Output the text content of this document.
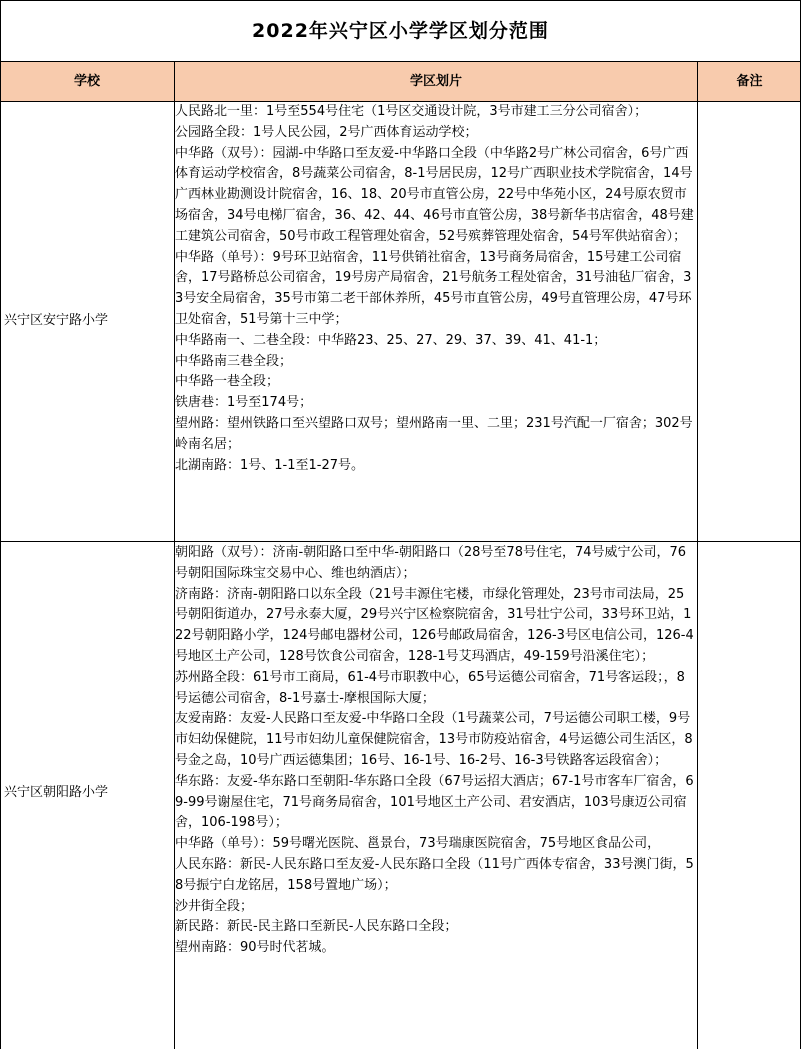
2022年兴宁区小学学区划分范围
学校	学区划片	备注
兴宁区安宁路小学

人民路北一里：1号至554号住宅（1号区交通设计院，3号市建工三分公司宿舍）；

公园路全段：1号人民公园，2号广西体育运动学校；

中华路（双号）：园湖-中华路口至友爱-中华路口全段（中华路2号广林公司宿舍，6号广西体育运动学校宿舍，8号蔬菜公司宿舍，8-1号居民房，12号广西职业技术学院宿舍，14号广西林业勘测设计院宿舍，16、18、20号市直管公房，22号中华苑小区，24号原农贸市场宿舍，34号电梯厂宿舍，36、42、44、46号市直管公房，38号新华书店宿舍，48号建工建筑公司宿舍，50号市政工程管理处宿舍，52号殡葬管理处宿舍，54号军供站宿舍）；

中华路（单号）：9号环卫站宿舍，11号供销社宿舍，13号商务局宿舍，15号建工公司宿舍，17号路桥总公司宿舍，19号房产局宿舍，21号航务工程处宿舍，31号油毡厂宿舍，33号安全局宿舍，35号市第二老干部休养所，45号市直管公房，49号直管理公房，47号环卫处宿舍，51号第十三中学；

中华路南一、二巷全段：中华路23、25、27、29、37、39、41、41-1；

中华路南三巷全段；

中华路一巷全段；

铁唐巷：1号至174号；

望州路：望州铁路口至兴望路口双号；望州路南一里、二里；231号汽配一厂宿舍；302号岭南名居；

北湖南路：1号、1-1至1-27号。

兴宁区朝阳路小学

朝阳路（双号）：济南-朝阳路口至中华-朝阳路口（28号至78号住宅，74号威宁公司，76号朝阳国际珠宝交易中心、维也纳酒店）；

济南路：济南-朝阳路口以东全段（21号丰源住宅楼，市绿化管理处，23号市司法局，25号朝阳街道办，27号永泰大厦，29号兴宁区检察院宿舍，31号壮宁公司，33号环卫站，122号朝阳路小学，124号邮电器材公司，126号邮政局宿舍，126-3号区电信公司，126-4号地区土产公司，128号饮食公司宿舍，128-1号艾玛酒店，49-159号沿溪住宅）；

苏州路全段：61号市工商局，61-4号市职教中心，65号运德公司宿舍，71号客运段；，8号运德公司宿舍，8-1号嘉士-摩根国际大厦；

友爱南路：友爱-人民路口至友爱-中华路口全段（1号蔬菜公司，7号运德公司职工楼，9号市妇幼保健院，11号市妇幼儿童保健院宿舍，13号市防疫站宿舍，4号运德公司生活区，8号金之岛，10号广西运德集团；16号、16-1号、16-2号、16-3号铁路客运段宿舍）；

华东路：友爱-华东路口至朝阳-华东路口全段（67号运招大酒店；67-1号市客车厂宿舍，69-99号谢屋住宅，71号商务局宿舍，101号地区土产公司、君安酒店，103号康迈公司宿舍，106-198号）；

中华路（单号）：59号曙光医院、邕景台，73号瑞康医院宿舍，75号地区食品公司，

人民东路：新民-人民东路口至友爱-人民东路口全段（11号广西体专宿舍，33号澳门街，58号振宁白龙铭居，158号置地广场）；

沙井街全段；

新民路：新民-民主路口至新民-人民东路口全段；

望州南路：90号时代茗城。
